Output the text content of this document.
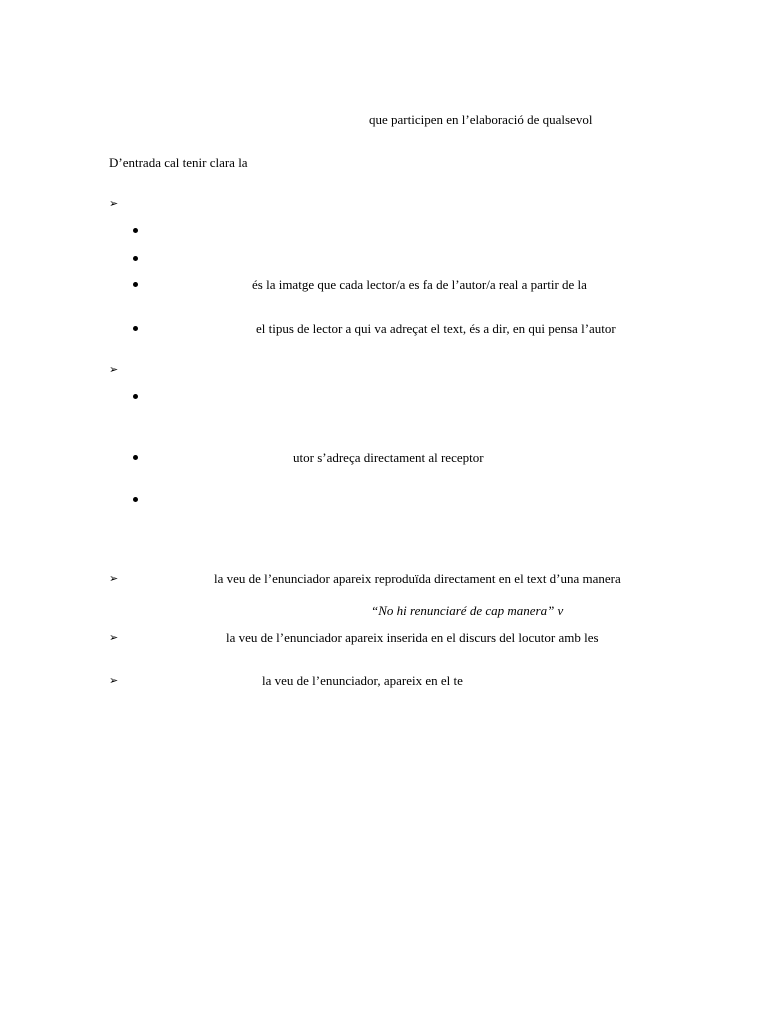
que participen en l’elaboració de qualsevol
D’entrada cal tenir clara la
➢
és la imatge que cada lector/a es fa de l’autor/a real a partir de la
el tipus de lector a qui va adreçat el text, és a dir, en qui pensa l’autor
➢
utor s’adreça directament al receptor
➢	la veu de l’enunciador apareix reproduïda directament en el text d’una manera
“No hi renunciaré de cap manera” v
➢	la veu de l’enunciador apareix inserida en el discurs del locutor amb les
➢	la veu de l’enunciador, apareix en el te
